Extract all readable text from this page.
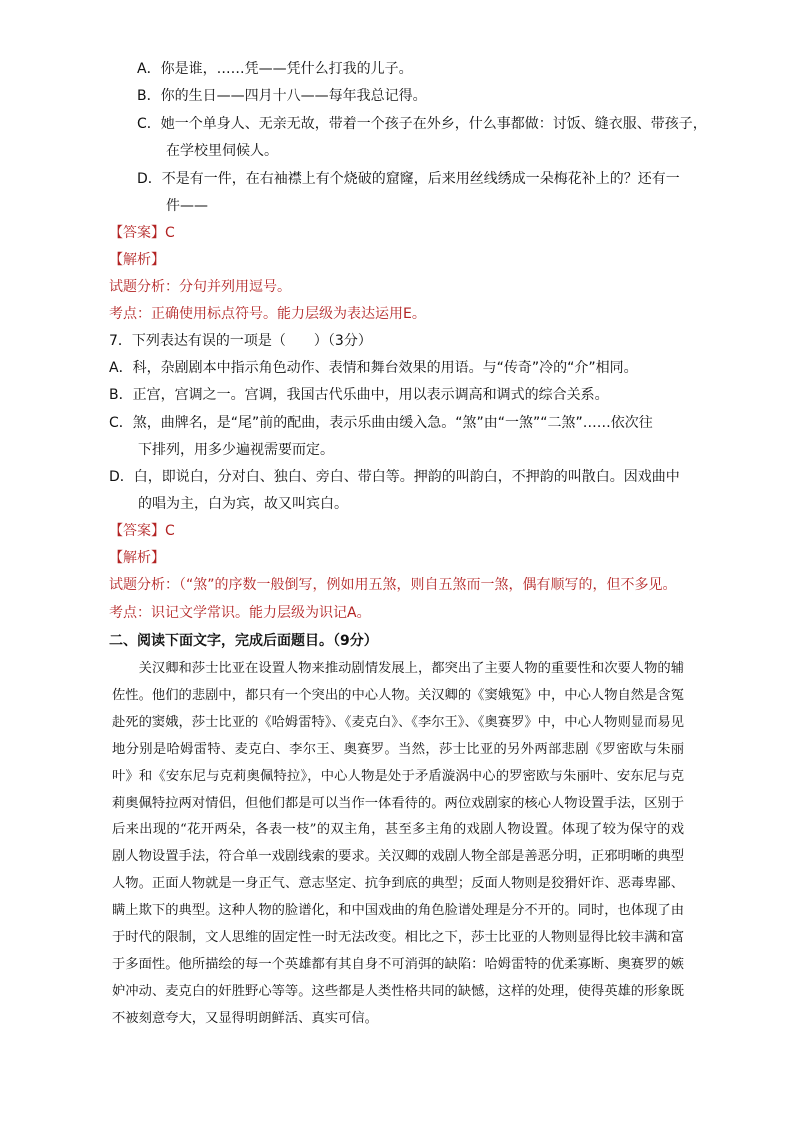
A．你是谁，……凭——凭什么打我的儿子。
B．你的生日——四月十八——每年我总记得。
C．她一个单身人、无亲无故，带着一个孩子在外乡，什么事都做：讨饭、缝衣服、带孩子，
在学校里伺候人。
D．不是有一件，在右袖襟上有个烧破的窟窿，后来用丝线绣成一朵梅花补上的？还有一
件——
【答案】C
【解析】
试题分析：分句并列用逗号。
考点：正确使用标点符号。能力层级为表达运用E。
7．下列表达有误的一项是（　　）（3分）
A．科，杂剧剧本中指示角色动作、表情和舞台效果的用语。与“传奇”冷的“介”相同。
B．正宫，宫调之一。宫调，我国古代乐曲中，用以表示调高和调式的综合关系。
C．煞，曲牌名，是“尾”前的配曲，表示乐曲由缓入急。“煞”由“一煞”“二煞”……依次往
下排列，用多少遍视需要而定。
D．白，即说白，分对白、独白、旁白、带白等。押韵的叫韵白，不押韵的叫散白。因戏曲中
的唱为主，白为宾，故又叫宾白。
【答案】C
【解析】
试题分析：（“煞”的序数一般倒写，例如用五煞，则自五煞而一煞，偶有顺写的，但不多见。
考点：识记文学常识。能力层级为识记A。
二、阅读下面文字，完成后面题目。（9分）

关汉卿和莎士比亚在设置人物来推动剧情发展上，都突出了主要人物的重要性和次要人物的辅佐性。他们的悲剧中，都只有一个突出的中心人物。关汉卿的《窦娥冤》中，中心人物自然是含冤赴死的窦娥，莎士比亚的《哈姆雷特》、《麦克白》、《李尔王》、《奥赛罗》中，中心人物则显而易见地分别是哈姆雷特、麦克白、李尔王、奥赛罗。当然，莎士比亚的另外两部悲剧《罗密欧与朱丽叶》和《安东尼与克莉奥佩特拉》，中心人物是处于矛盾漩涡中心的罗密欧与朱丽叶、安东尼与克莉奥佩特拉两对情侣，但他们都是可以当作一体看待的。两位戏剧家的核心人物设置手法，区别于后来出现的“花开两朵，各表一枝”的双主角，甚至多主角的戏剧人物设置。体现了较为保守的戏剧人物设置手法，符合单一戏剧线索的要求。关汉卿的戏剧人物全部是善恶分明，正邪明晰的典型人物。正面人物就是一身正气、意志坚定、抗争到底的典型；反面人物则是狡猾奸诈、恶毒卑鄙、瞒上欺下的典型。这种人物的脸谱化，和中国戏曲的角色脸谱处理是分不开的。同时，也体现了由于时代的限制，文人思维的固定性一时无法改变。相比之下，莎士比亚的人物则显得比较丰满和富于多面性。他所描绘的每一个英雄都有其自身不可消弭的缺陷：哈姆雷特的优柔寡断、奥赛罗的嫉妒冲动、麦克白的奸胜野心等等。这些都是人类性格共同的缺憾，这样的处理，使得英雄的形象既不被刻意夸大，又显得明朗鲜活、真实可信。
